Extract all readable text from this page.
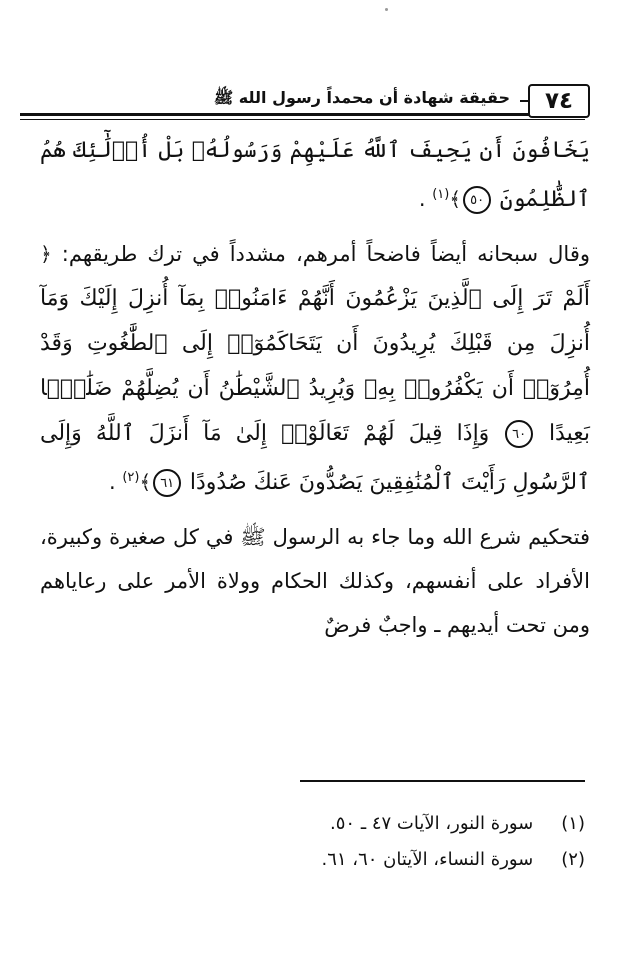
٧٤
حقيقة شهادة أن محمداً رسول الله ﷺ

يَخَافُونَ أَن يَحِيفَ ٱللَّهُ عَلَيْهِمْ وَرَسُولُهُۥ بَلْ أُو۟لَٰٓئِكَ هُمُ ٱلظَّٰلِمُونَ ٥٠﴾$^{(١)}$ .

وقال سبحانه أيضاً فاضحاً أمرهم، مشدداً في ترك طريقهم: ﴿ أَلَمْ تَرَ إِلَى ٱلَّذِينَ يَزْعُمُونَ أَنَّهُمْ ءَامَنُوا۟ بِمَآ أُنزِلَ إِلَيْكَ وَمَآ أُنزِلَ مِن قَبْلِكَ يُرِيدُونَ أَن يَتَحَاكَمُوٓا۟ إِلَى ٱلطَّٰغُوتِ وَقَدْ أُمِرُوٓا۟ أَن يَكْفُرُوا۟ بِهِۦ وَيُرِيدُ ٱلشَّيْطَٰنُ أَن يُضِلَّهُمْ ضَلَٰلًۢا بَعِيدًا ٦٠ وَإِذَا قِيلَ لَهُمْ تَعَالَوْا۟ إِلَىٰ مَآ أَنزَلَ ٱللَّهُ وَإِلَى ٱلرَّسُولِ رَأَيْتَ ٱلْمُنَٰفِقِينَ يَصُدُّونَ عَنكَ صُدُودًا ٦١﴾$^{(٢)}$ .

فتحكيم شرع الله وما جاء به الرسول ﷺ في كل صغيرة وكبيرة، الأفراد على أنفسهم، وكذلك الحكام وولاة الأمر على رعاياهم ومن تحت أيديهم ـ واجبٌ فرضٌ

(١) سورة النور، الآيات ٤٧ ـ ٥٠.
(٢) سورة النساء، الآيتان ٦٠، ٦١.
